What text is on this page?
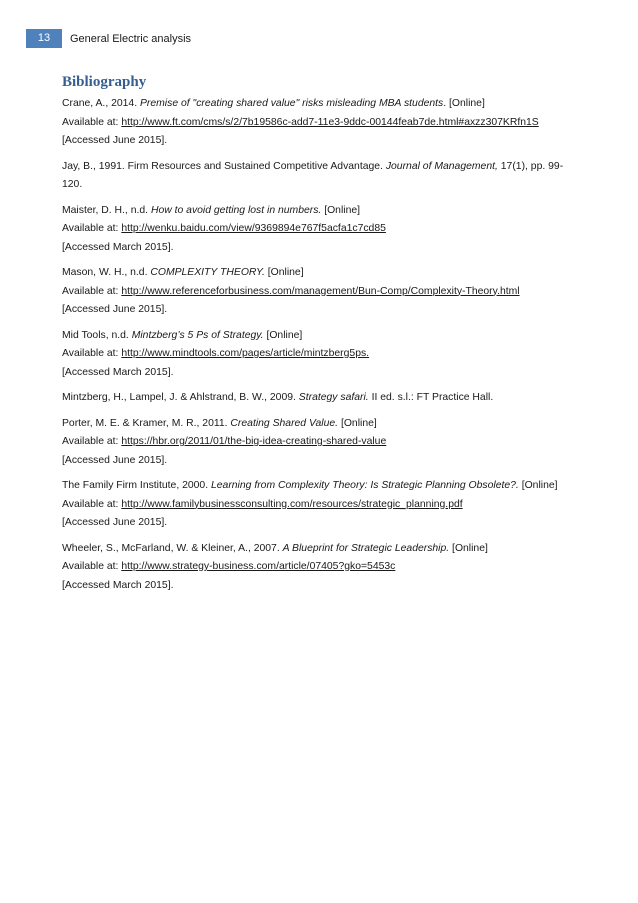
13	General Electric analysis
Bibliography
Crane, A., 2014. Premise of "creating shared value" risks misleading MBA students. [Online]
Available at: http://www.ft.com/cms/s/2/7b19586c-add7-11e3-9ddc-00144feab7de.html#axzz307KRfn1S
[Accessed June 2015].
Jay, B., 1991. Firm Resources and Sustained Competitive Advantage. Journal of Management, 17(1), pp. 99-120.
Maister, D. H., n.d. How to avoid getting lost in numbers. [Online]
Available at: http://wenku.baidu.com/view/9369894e767f5acfa1c7cd85
[Accessed March 2015].
Mason, W. H., n.d. COMPLEXITY THEORY. [Online]
Available at: http://www.referenceforbusiness.com/management/Bun-Comp/Complexity-Theory.html
[Accessed June 2015].
Mid Tools, n.d. Mintzberg’s 5 Ps of Strategy. [Online]
Available at: http://www.mindtools.com/pages/article/mintzberg5ps.
[Accessed March 2015].
Mintzberg, H., Lampel, J. & Ahlstrand, B. W., 2009. Strategy safari. II ed. s.l.: FT Practice Hall.
Porter, M. E. & Kramer, M. R., 2011. Creating Shared Value. [Online]
Available at: https://hbr.org/2011/01/the-big-idea-creating-shared-value
[Accessed June 2015].
The Family Firm Institute, 2000. Learning from Complexity Theory: Is Strategic Planning Obsolete?. [Online]
Available at: http://www.familybusinessconsulting.com/resources/strategic_planning.pdf
[Accessed June 2015].
Wheeler, S., McFarland, W. & Kleiner, A., 2007. A Blueprint for Strategic Leadership. [Online]
Available at: http://www.strategy-business.com/article/07405?gko=5453c
[Accessed March 2015].
